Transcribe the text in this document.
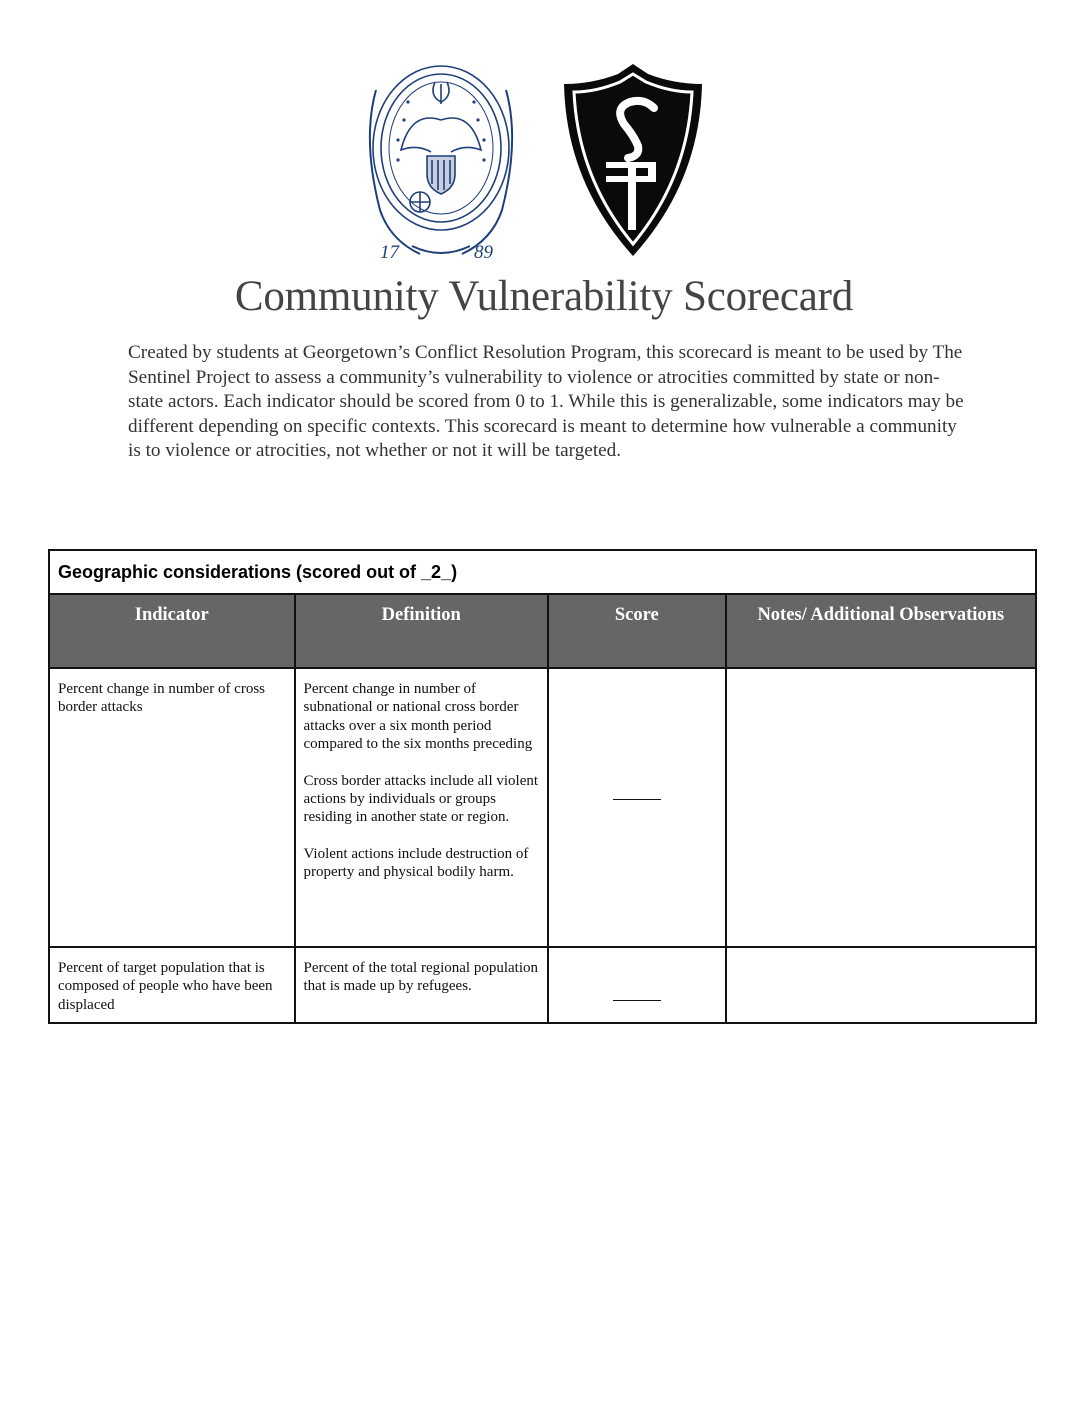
17	89
Community Vulnerability Scorecard

Created by students at Georgetown’s Conflict Resolution Program, this scorecard is meant to be used by The Sentinel Project to assess a community’s vulnerability to violence or atrocities committed by state or non-state actors. Each indicator should be scored from 0 to 1. While this is generalizable, some indicators may be different depending on specific contexts. This scorecard is meant to determine how vulnerable a community is to violence or atrocities, not whether or not it will be targeted.

Geographic considerations (scored out of _2_)			
Indicator	Definition	Score	Notes/ Additional Observations
Percent change in number of cross border attacks	Percent change in number of subnational or national cross border attacks over a six month period compared to the six months preceding

Cross border attacks include all violent actions by individuals or groups residing in another state or region.

Violent actions include destruction of property and physical bodily harm.		

Percent of target population that is composed of people who have been displaced	Percent of the total regional population that is made up by refugees.		
